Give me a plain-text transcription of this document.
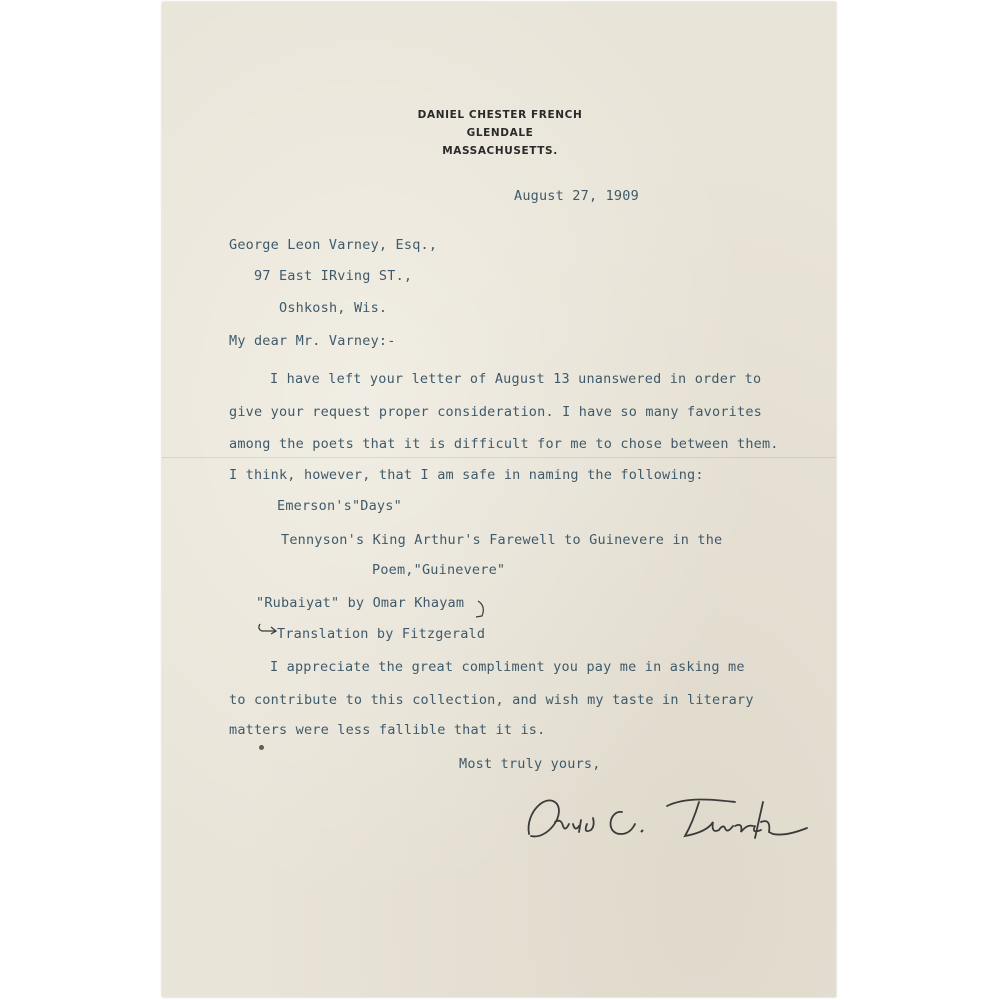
DANIEL CHESTER FRENCH
GLENDALE
MASSACHUSETTS.
August 27, 1909
George Leon Varney, Esq.,
97 East IRving ST.,
Oshkosh, Wis.
My dear Mr. Varney:-
I have left your letter of August 13 unanswered in order to
give your request proper consideration. I have so many favorites
among the poets that it is difficult for me to chose between them.
I think, however, that I am safe in naming the following:
Emerson's"Days"
Tennyson's King Arthur's Farewell to Guinevere in the
Poem,"Guinevere"
"Rubaiyat" by Omar Khayam
Translation by Fitzgerald
I appreciate the great compliment you pay me in asking me
to contribute to this collection, and wish my taste in literary
matters were less fallible that it is.
Most truly yours,
